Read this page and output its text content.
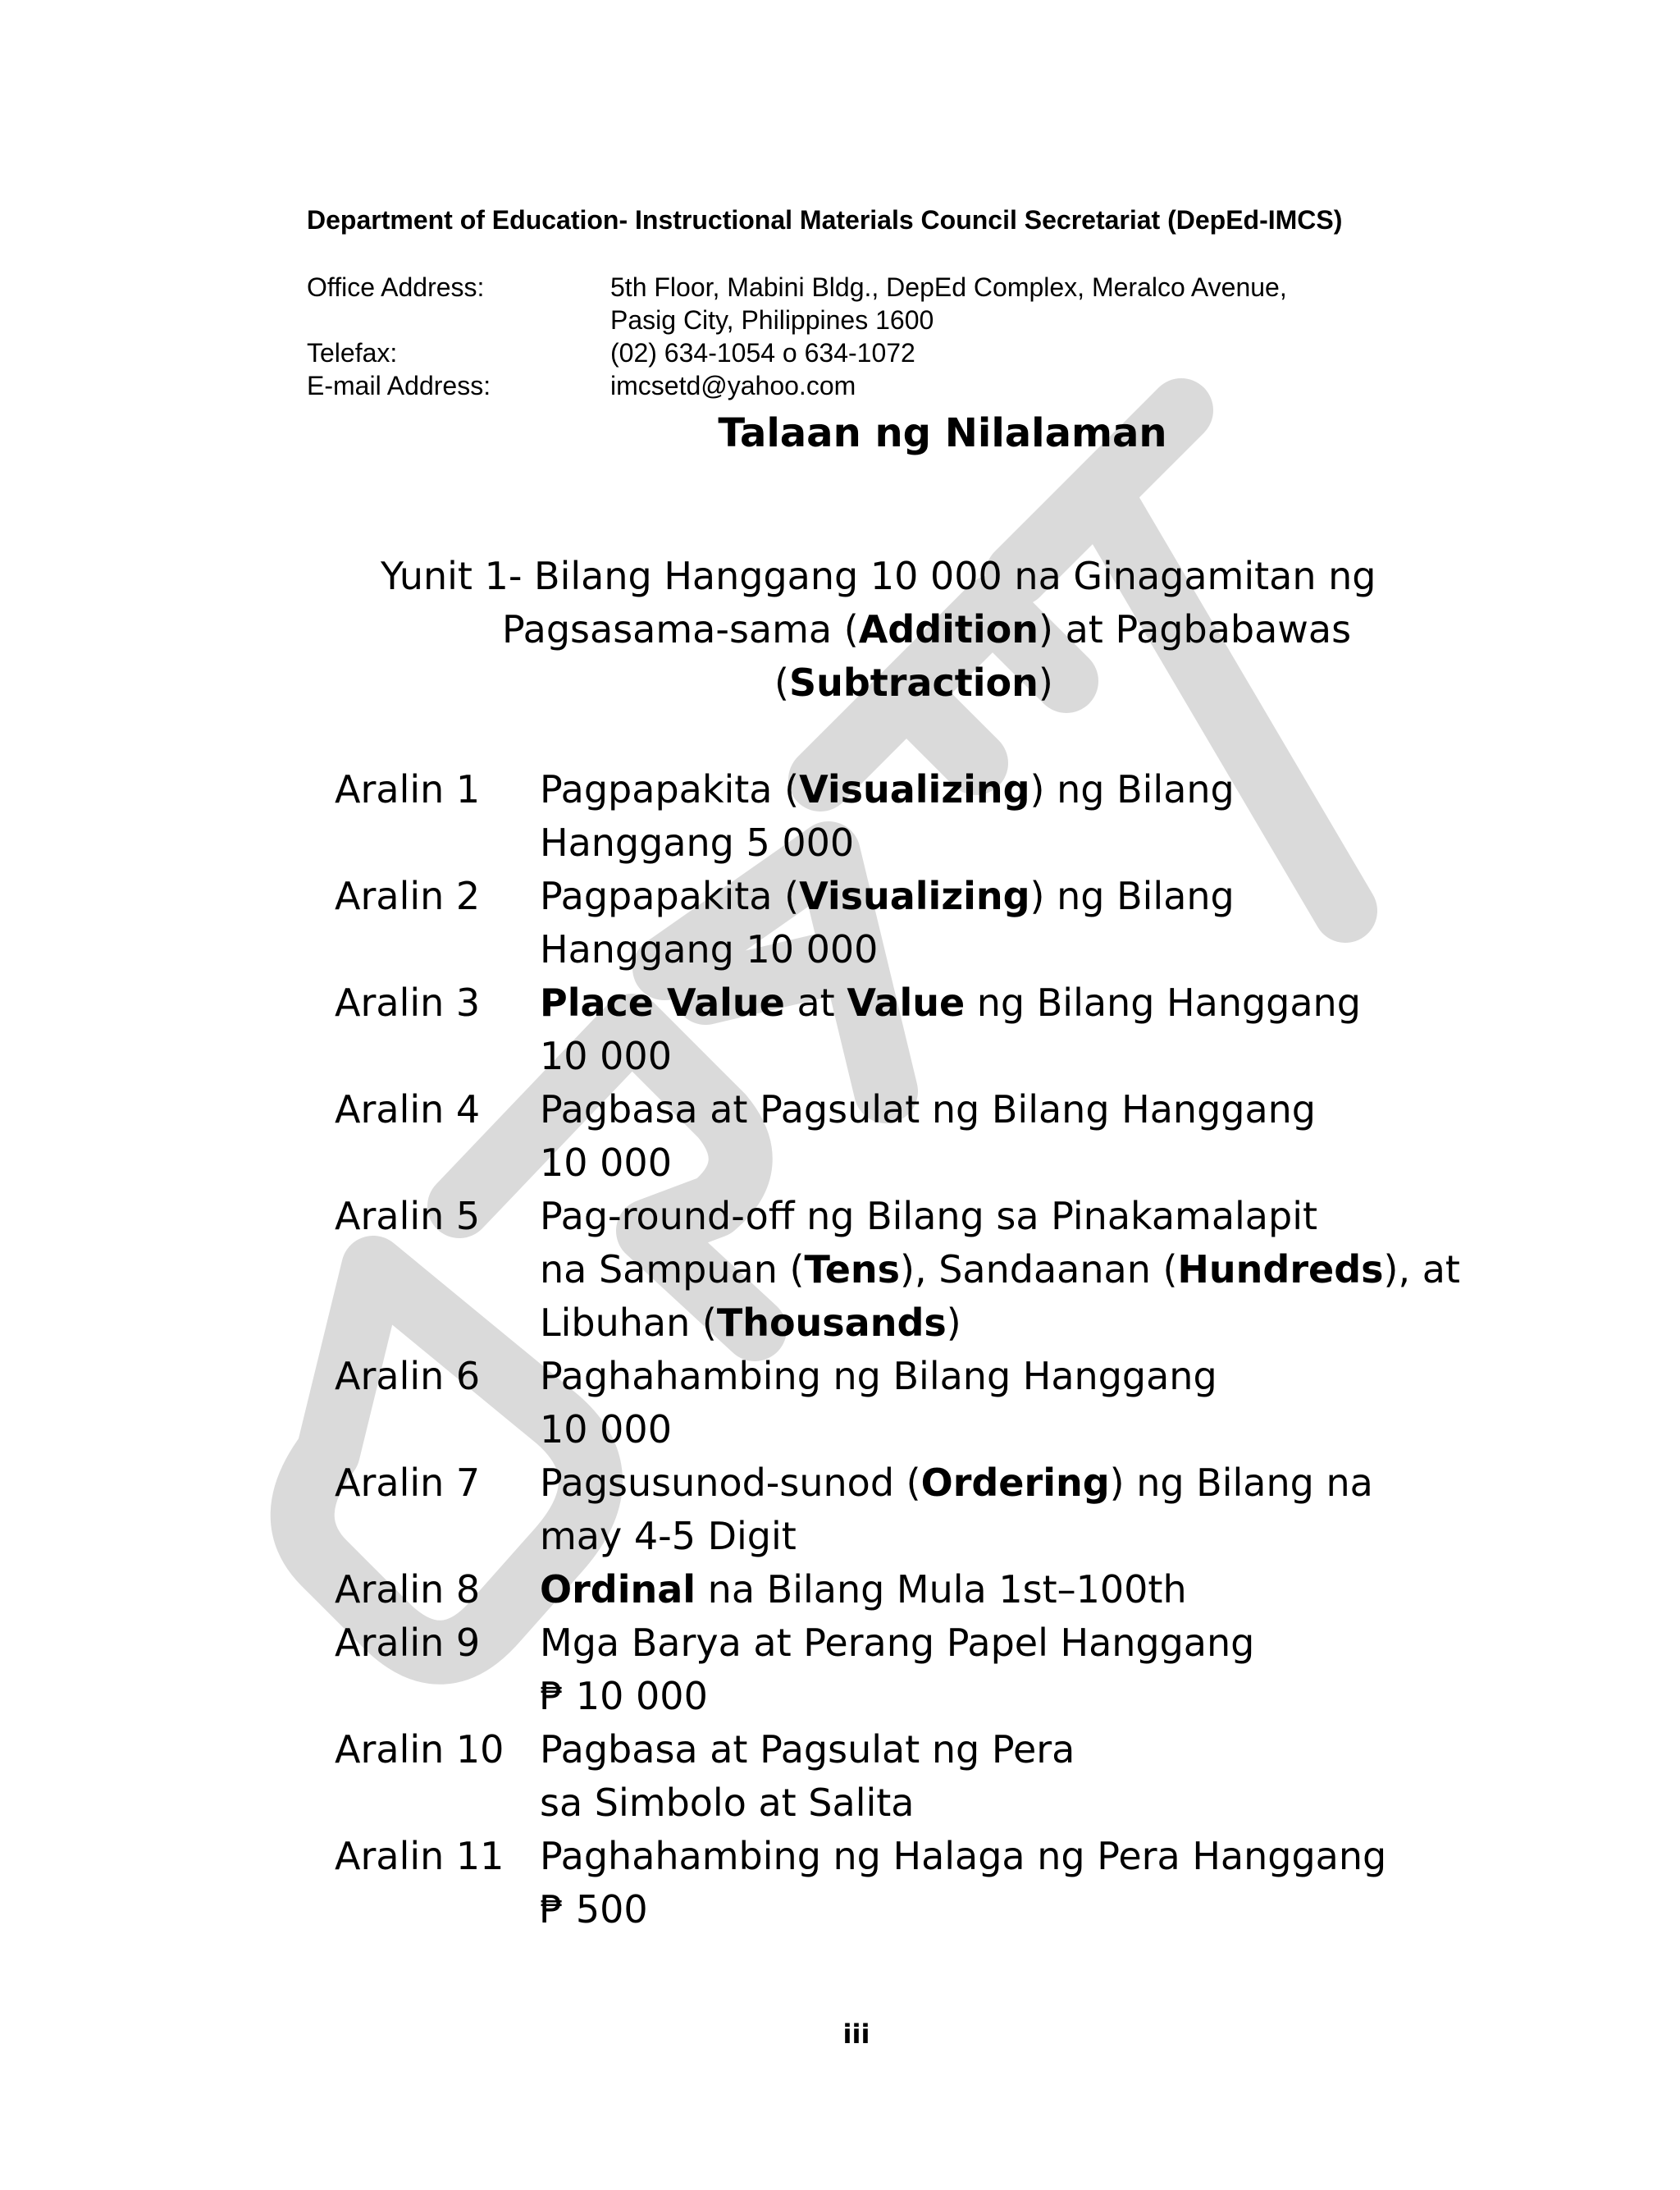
Department of Education- Instructional Materials Council Secretariat (DepEd-IMCS)
Office Address:	5th Floor, Mabini Bldg., DepEd Complex, Meralco Avenue,
Pasig City, Philippines 1600
Telefax:	(02) 634-1054 o 634-1072
E-mail Address:	imcsetd@yahoo.com
Talaan ng Nilalaman
Yunit 1- Bilang Hanggang 10 000 na Ginagamitan ng
Pagsasama-sama (Addition) at Pagbabawas
(Subtraction)
Aralin 1 Pagpapakita (Visualizing) ng Bilang
Hanggang 5 000
Aralin 2 Pagpapakita (Visualizing) ng Bilang
Hanggang 10 000
Aralin 3 Place Value at Value ng Bilang Hanggang
10 000
Aralin 4 Pagbasa at Pagsulat ng Bilang Hanggang
10 000
Aralin 5 Pag-round-off ng Bilang sa Pinakamalapit
na Sampuan (Tens), Sandaanan (Hundreds), at
Libuhan (Thousands)
Aralin 6 Paghahambing ng Bilang Hanggang
10 000
Aralin 7 Pagsusunod-sunod (Ordering) ng Bilang na
may 4-5 Digit
Aralin 8 Ordinal na Bilang Mula 1st–100th
Aralin 9 Mga Barya at Perang Papel Hanggang
₱ 10 000
Aralin 10 Pagbasa at Pagsulat ng Pera
sa Simbolo at Salita
Aralin 11 Paghahambing ng Halaga ng Pera Hanggang
₱ 500
iii
